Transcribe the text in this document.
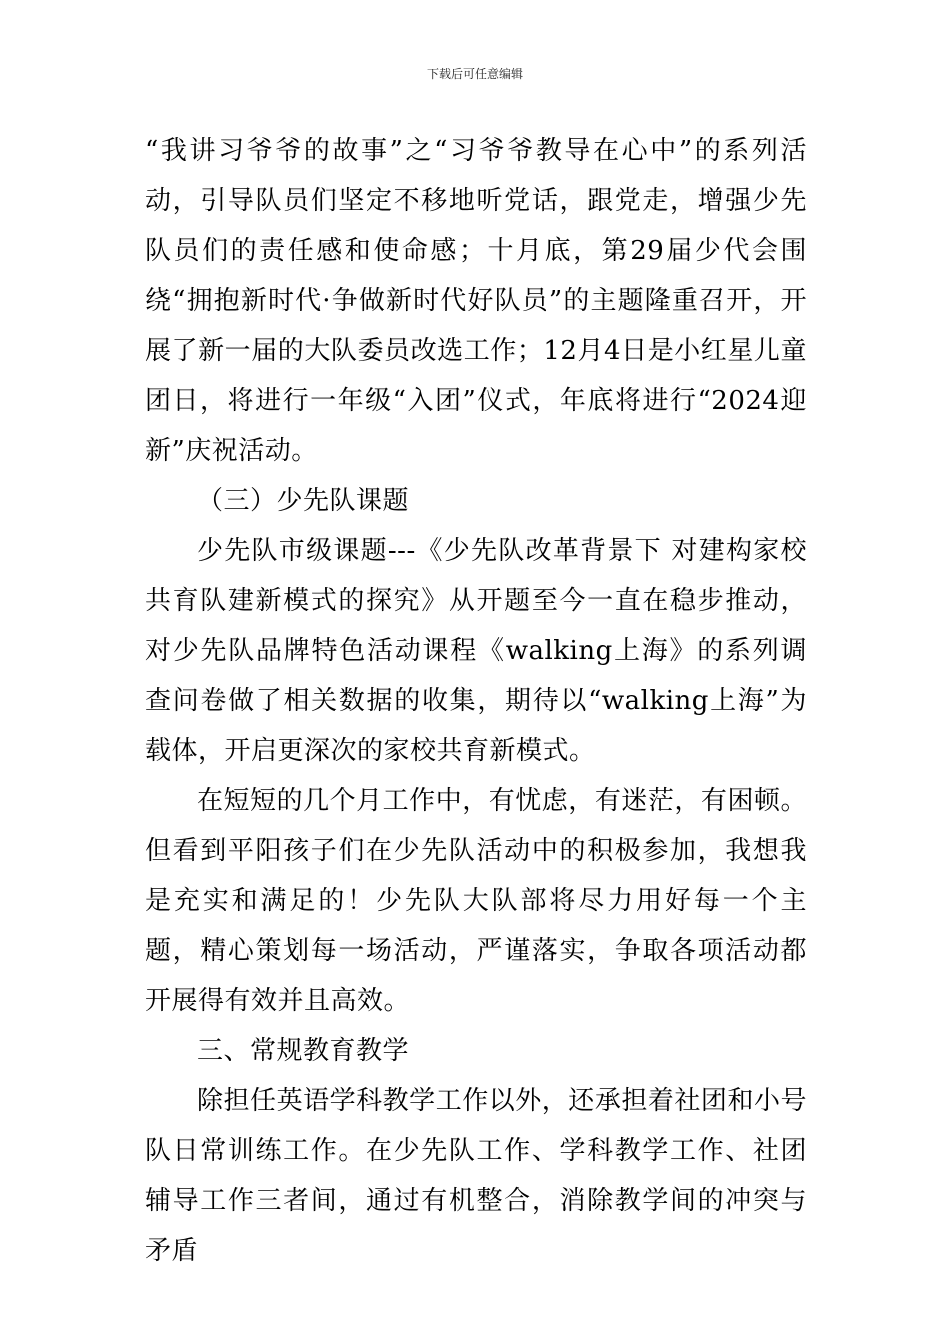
下载后可任意编辑

“我讲习爷爷的故事”之“习爷爷教导在心中”的系列活动，引导队员们坚定不移地听党话，跟党走，增强少先队员们的责任感和使命感；十月底，第29届少代会围绕“拥抱新时代·争做新时代好队员”的主题隆重召开，开展了新一届的大队委员改选工作；12月4日是小红星儿童团日，将进行一年级“入团”仪式，年底将进行“2024迎新”庆祝活动。

（三）少先队课题

少先队市级课题---《少先队改革背景下 对建构家校共育队建新模式的探究》从开题至今一直在稳步推动，对少先队品牌特色活动课程《walking上海》的系列调查问卷做了相关数据的收集，期待以“walking上海”为载体，开启更深次的家校共育新模式。

在短短的几个月工作中，有忧虑，有迷茫，有困顿。但看到平阳孩子们在少先队活动中的积极参加，我想我是充实和满足的！少先队大队部将尽力用好每一个主题，精心策划每一场活动，严谨落实，争取各项活动都开展得有效并且高效。

三、常规教育教学

除担任英语学科教学工作以外，还承担着社团和小号队日常训练工作。在少先队工作、学科教学工作、社团辅导工作三者间，通过有机整合，消除教学间的冲突与矛盾
